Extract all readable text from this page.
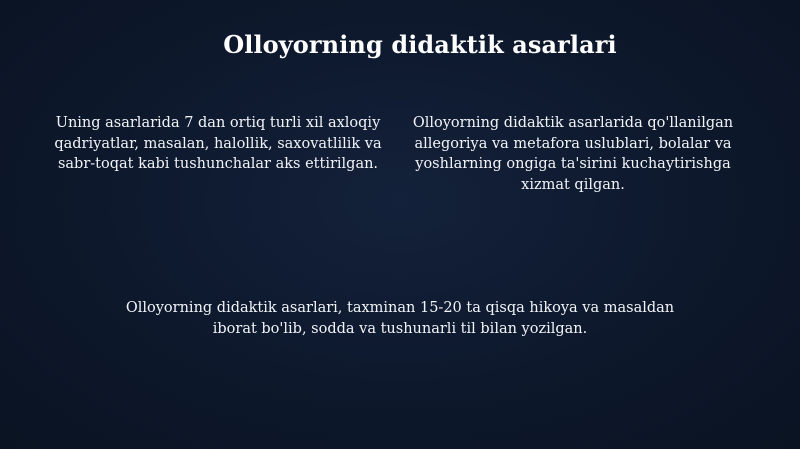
Olloyorning didaktik asarlari
Uning asarlarida 7 dan ortiq turli xil axloqiy qadriyatlar, masalan, halollik, saxovatlilik va sabr-toqat kabi tushunchalar aks ettirilgan.
Olloyorning didaktik asarlarida qo'llanilgan allegoriya va metafora uslublari, bolalar va yoshlarning ongiga ta'sirini kuchaytirishga xizmat qilgan.
Olloyorning didaktik asarlari, taxminan 15-20 ta qisqa hikoya va masaldan iborat bo'lib, sodda va tushunarli til bilan yozilgan.
